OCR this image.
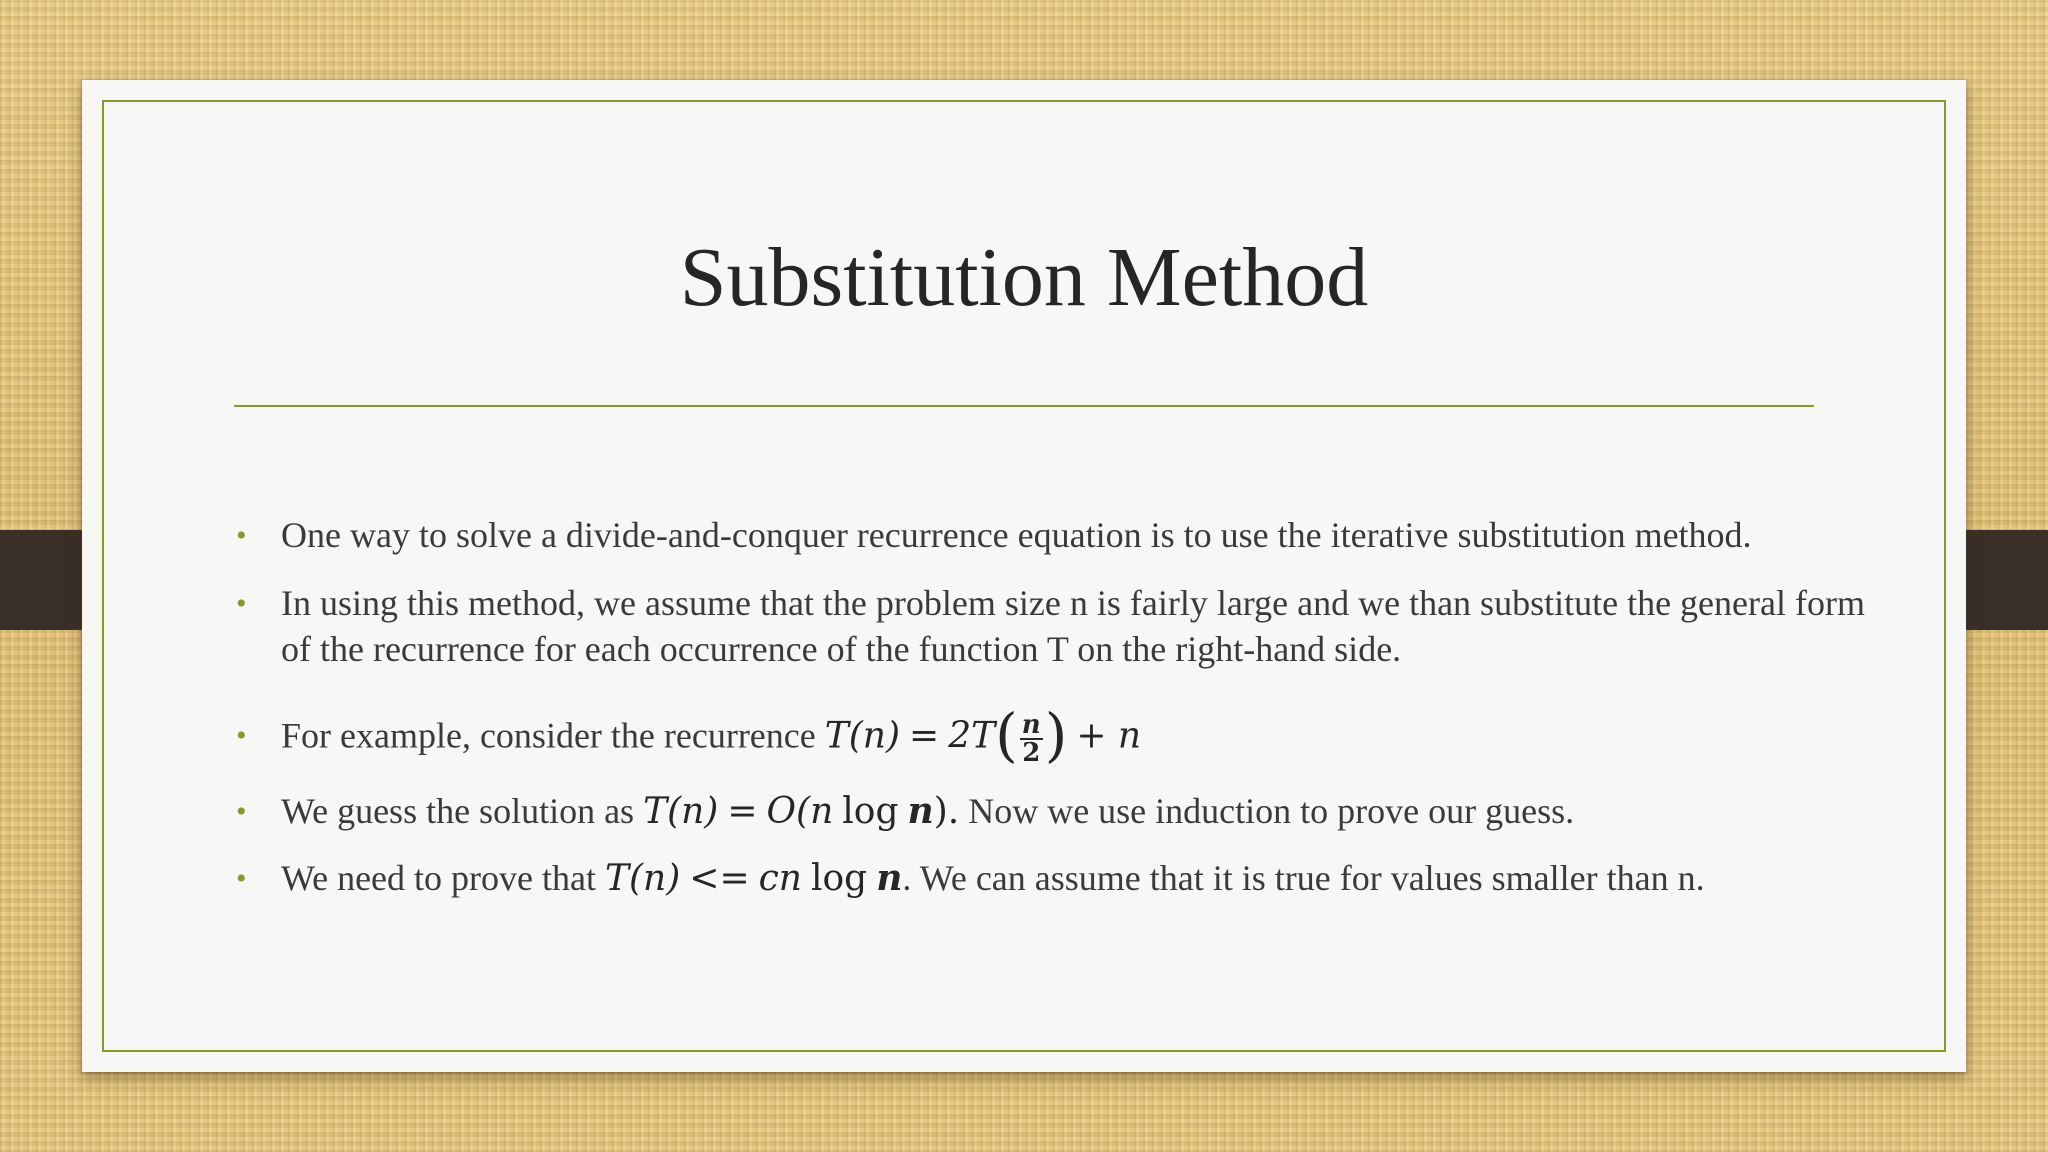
Substitution Method
• One way to solve a divide-and-conquer recurrence equation is to use the iterative substitution method.
• In using this method, we assume that the problem size n is fairly large and we than substitute the general form of the recurrence for each occurrence of the function T on the right-hand side.
• For example, consider the recurrence $T(n) = 2T( \frac{n}{2}$ ) + n
• We guess the solution as T(n) = O(n log n). Now we use induction to prove our guess.
• We need to prove that T(n) <= cn log n. We can assume that it is true for values smaller than n.
